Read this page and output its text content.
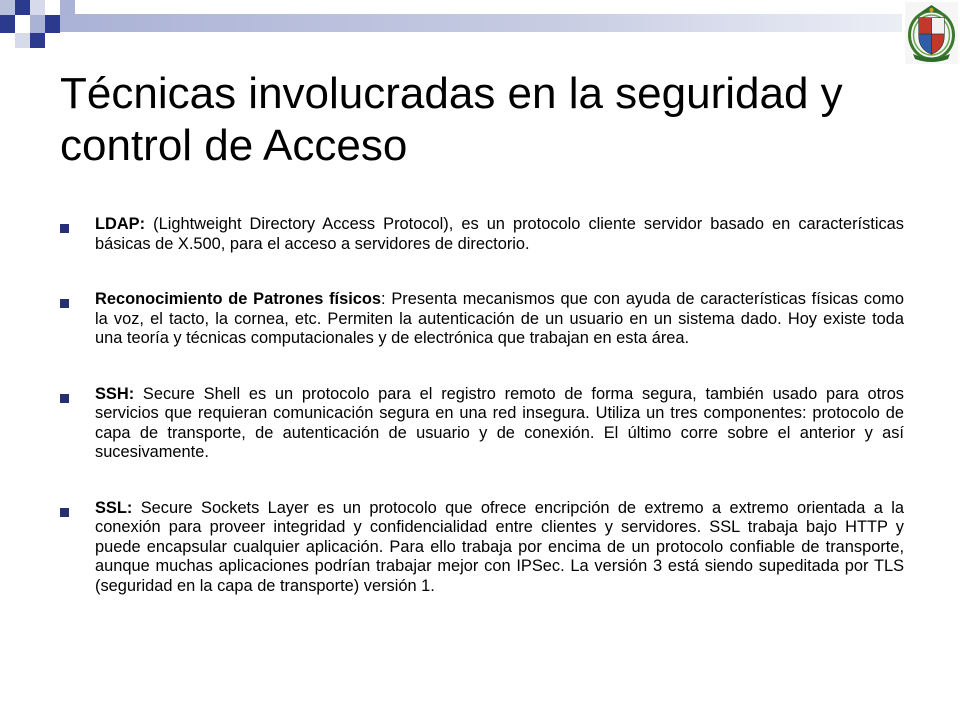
Técnicas involucradas en la seguridad y control de Acceso
LDAP: (Lightweight Directory Access Protocol), es un protocolo cliente servidor basado en características básicas de X.500, para el acceso a servidores de directorio.
Reconocimiento de Patrones físicos: Presenta mecanismos que con ayuda de características físicas como la voz, el tacto, la cornea, etc. Permiten la autenticación de un usuario en un sistema dado. Hoy existe toda una teoría y técnicas computacionales y de electrónica que trabajan en esta área.
SSH: Secure Shell es un protocolo para el registro remoto de forma segura, también usado para otros servicios que requieran comunicación segura en una red insegura. Utiliza un tres componentes: protocolo de capa de transporte, de autenticación de usuario y de conexión. El último corre sobre el anterior y así sucesivamente.
SSL: Secure Sockets Layer es un protocolo que ofrece encripción de extremo a extremo orientada a la conexión para proveer integridad y confidencialidad entre clientes y servidores. SSL trabaja bajo HTTP y puede encapsular cualquier aplicación. Para ello trabaja por encima de un protocolo confiable de transporte, aunque muchas aplicaciones podrían trabajar mejor con IPSec. La versión 3 está siendo supeditada por TLS (seguridad en la capa de transporte) versión 1.
